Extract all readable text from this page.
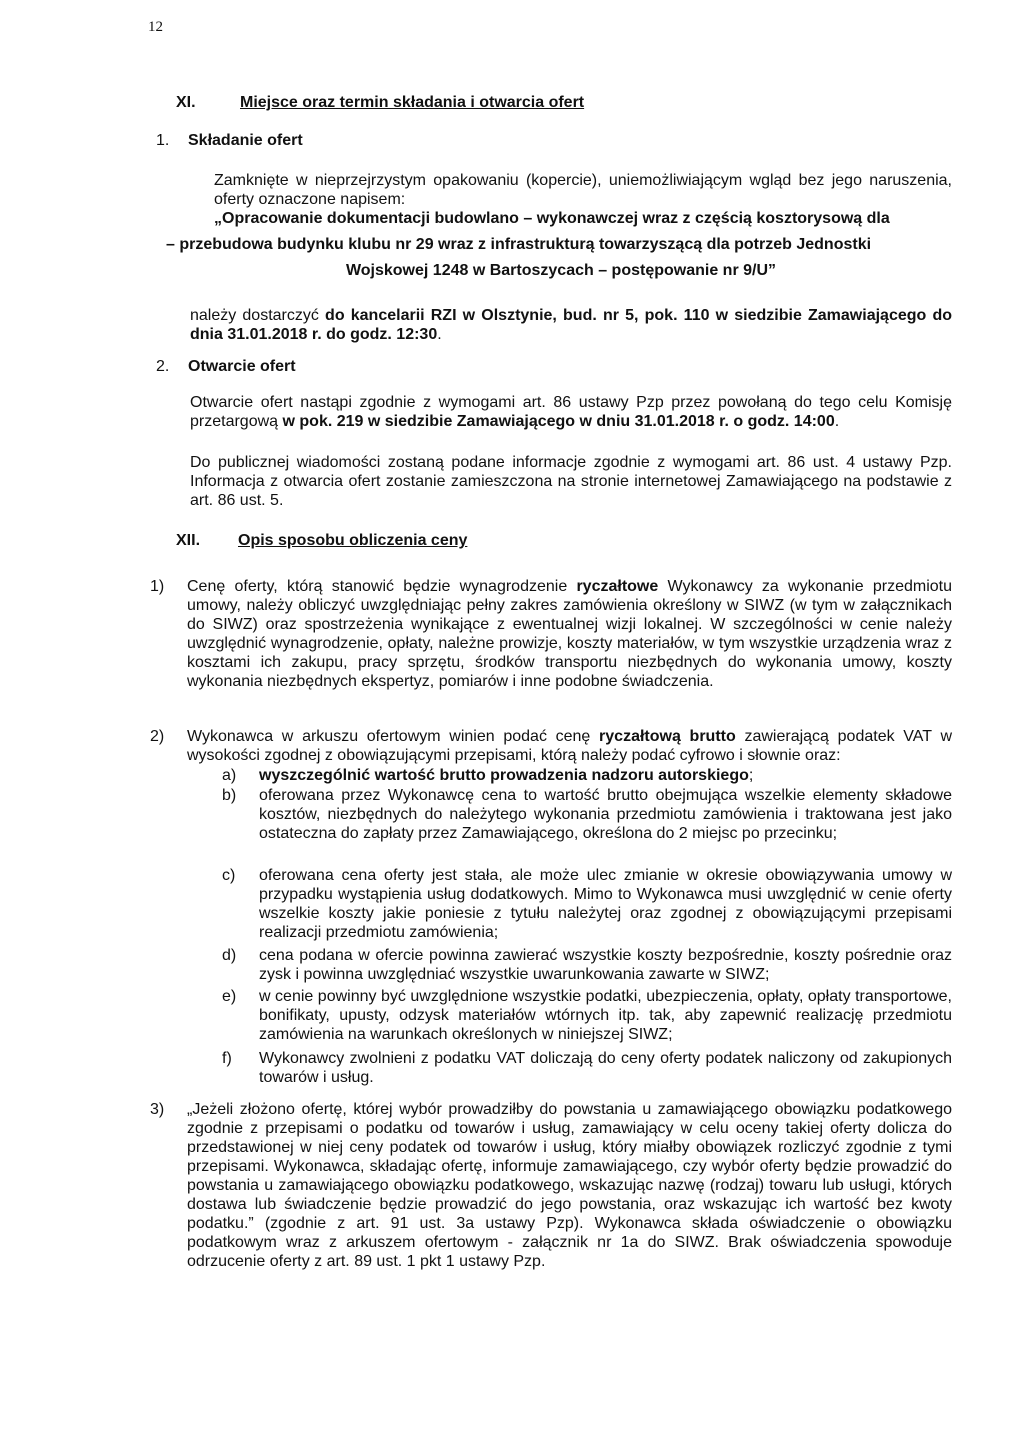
12
XI.	Miejsce oraz termin składania i otwarcia ofert
1. Składanie ofert

Zamknięte w nieprzejrzystym opakowaniu (kopercie), uniemożliwiającym wgląd bez jego naruszenia, oferty oznaczone napisem:

„Opracowanie dokumentacji budowlano – wykonawczej wraz z częścią kosztorysową dla
– przebudowa budynku klubu nr 29 wraz z infrastrukturą towarzyszącą dla potrzeb Jednostki
Wojskowej 1248 w Bartoszycach – postępowanie nr 9/U”

należy dostarczyć do kancelarii RZI w Olsztynie, bud. nr 5, pok. 110 w siedzibie Zamawiającego do dnia 31.01.2018 r. do godz. 12:30.

2. Otwarcie ofert

Otwarcie ofert nastąpi zgodnie z wymogami art. 86 ustawy Pzp przez powołaną do tego celu Komisję przetargową w pok. 219 w siedzibie Zamawiającego w dniu 31.01.2018 r. o godz. 14:00.

Do publicznej wiadomości zostaną podane informacje zgodnie z wymogami art. 86 ust. 4 ustawy Pzp. Informacja z otwarcia ofert zostanie zamieszczona na stronie internetowej Zamawiającego na podstawie z art. 86 ust. 5.

XII. Opis sposobu obliczenia ceny
1)	Cenę oferty, którą stanowić będzie wynagrodzenie ryczałtowe Wykonawcy za wykonanie przedmiotu umowy, należy obliczyć uwzględniając pełny zakres zamówienia określony w SIWZ (w tym w załącznikach do SIWZ) oraz spostrzeżenia wynikające z ewentualnej wizji lokalnej. W szczególności w cenie należy uwzględnić wynagrodzenie, opłaty, należne prowizje, koszty materiałów, w tym wszystkie urządzenia wraz z kosztami ich zakupu, pracy sprzętu, środków transportu niezbędnych do wykonania umowy, koszty wykonania niezbędnych ekspertyz, pomiarów i inne podobne świadczenia.

2)	Wykonawca w arkuszu ofertowym winien podać cenę ryczałtową brutto zawierającą podatek VAT w wysokości zgodnej z obowiązującymi przepisami, którą należy podać cyfrowo i słownie oraz:

a)	wyszczególnić wartość brutto prowadzenia nadzoru autorskiego;

b)	oferowana przez Wykonawcę cena to wartość brutto obejmująca wszelkie elementy składowe kosztów, niezbędnych do należytego wykonania przedmiotu zamówienia i traktowana jest jako ostateczna do zapłaty przez Zamawiającego, określona do 2 miejsc po przecinku;

c)	oferowana cena oferty jest stała, ale może ulec zmianie w okresie obowiązywania umowy w przypadku wystąpienia usług dodatkowych. Mimo to Wykonawca musi uwzględnić w cenie oferty wszelkie koszty jakie poniesie z tytułu należytej oraz zgodnej z obowiązującymi przepisami realizacji przedmiotu zamówienia;

d)	cena podana w ofercie powinna zawierać wszystkie koszty bezpośrednie, koszty pośrednie oraz zysk i powinna uwzględniać wszystkie uwarunkowania zawarte w SIWZ;

e)	w cenie powinny być uwzględnione wszystkie podatki, ubezpieczenia, opłaty, opłaty transportowe, bonifikaty, upusty, odzysk materiałów wtórnych itp. tak, aby zapewnić realizację przedmiotu zamówienia na warunkach określonych w niniejszej SIWZ;

f)	Wykonawcy zwolnieni z podatku VAT doliczają do ceny oferty podatek naliczony od zakupionych towarów i usług.

3)	„Jeżeli złożono ofertę, której wybór prowadziłby do powstania u zamawiającego obowiązku podatkowego zgodnie z przepisami o podatku od towarów i usług, zamawiający w celu oceny takiej oferty dolicza do przedstawionej w niej ceny podatek od towarów i usług, który miałby obowiązek rozliczyć zgodnie z tymi przepisami. Wykonawca, składając ofertę, informuje zamawiającego, czy wybór oferty będzie prowadzić do powstania u zamawiającego obowiązku podatkowego, wskazując nazwę (rodzaj) towaru lub usługi, których dostawa lub świadczenie będzie prowadzić do jego powstania, oraz wskazując ich wartość bez kwoty podatku.” (zgodnie z art. 91 ust. 3a ustawy Pzp). Wykonawca składa oświadczenie o obowiązku podatkowym wraz z arkuszem ofertowym - załącznik nr 1a do SIWZ. Brak oświadczenia spowoduje odrzucenie oferty z art. 89 ust. 1 pkt 1 ustawy Pzp.
